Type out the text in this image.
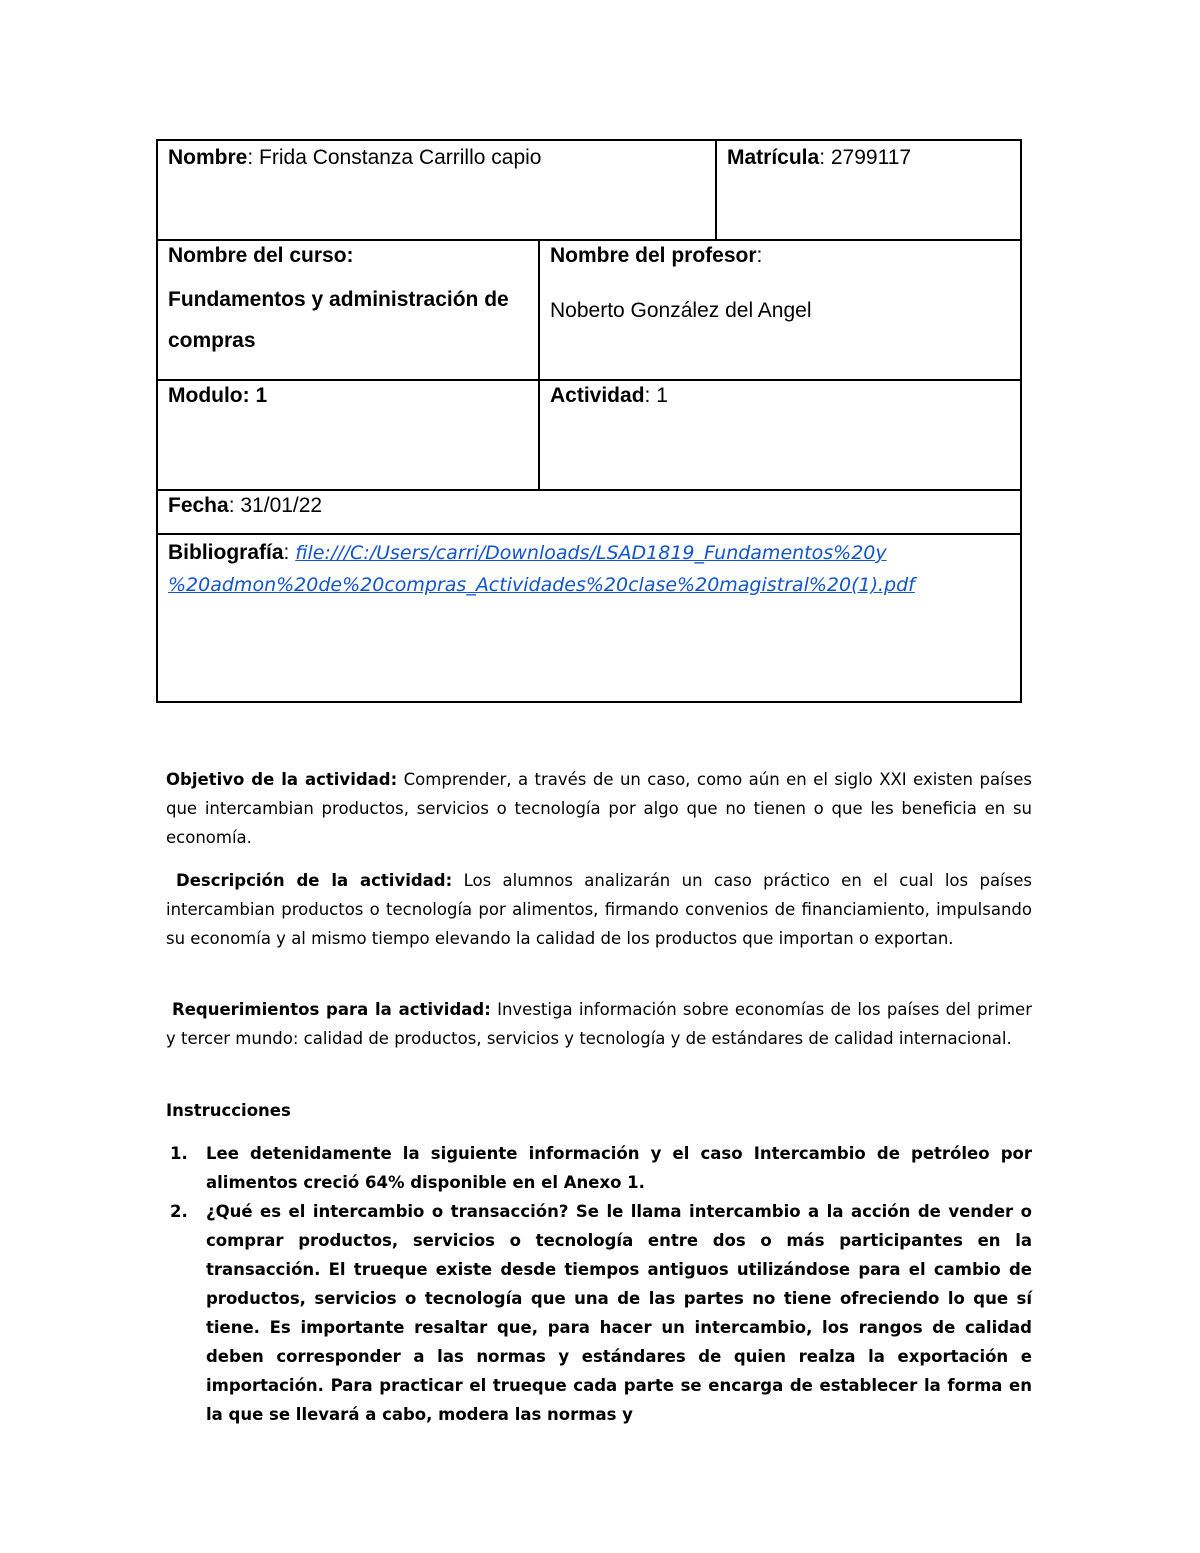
Nombre: Frida Constanza Carrillo capio	Matrícula: 2799117
Nombre del curso:
Fundamentos y administración de compras
Nombre del profesor:
Noberto González del Angel
Modulo: 1	Actividad: 1
Fecha: 31/01/22
Bibliografía: file:///C:/Users/carri/Downloads/LSAD1819_Fundamentos%20y
%20admon%20de%20compras_Actividades%20clase%20magistral%20(1).pdf
Objetivo de la actividad: Comprender, a través de un caso, como aún en el siglo XXI existen países que intercambian productos, servicios o tecnología por algo que no tienen o que les beneficia en su economía.
Descripción de la actividad: Los alumnos analizarán un caso práctico en el cual los países intercambian productos o tecnología por alimentos, firmando convenios de financiamiento, impulsando su economía y al mismo tiempo elevando la calidad de los productos que importan o exportan.
Requerimientos para la actividad: Investiga información sobre economías de los países del primer y tercer mundo: calidad de productos, servicios y tecnología y de estándares de calidad internacional.
Instrucciones
1. Lee detenidamente la siguiente información y el caso Intercambio de petróleo por alimentos creció 64% disponible en el Anexo 1.
2. ¿Qué es el intercambio o transacción? Se le llama intercambio a la acción de vender o comprar productos, servicios o tecnología entre dos o más participantes en la transacción. El trueque existe desde tiempos antiguos utilizándose para el cambio de productos, servicios o tecnología que una de las partes no tiene ofreciendo lo que sí tiene. Es importante resaltar que, para hacer un intercambio, los rangos de calidad deben corresponder a las normas y estándares de quien realza la exportación e importación. Para practicar el trueque cada parte se encarga de establecer la forma en la que se llevará a cabo, modera las normas y
